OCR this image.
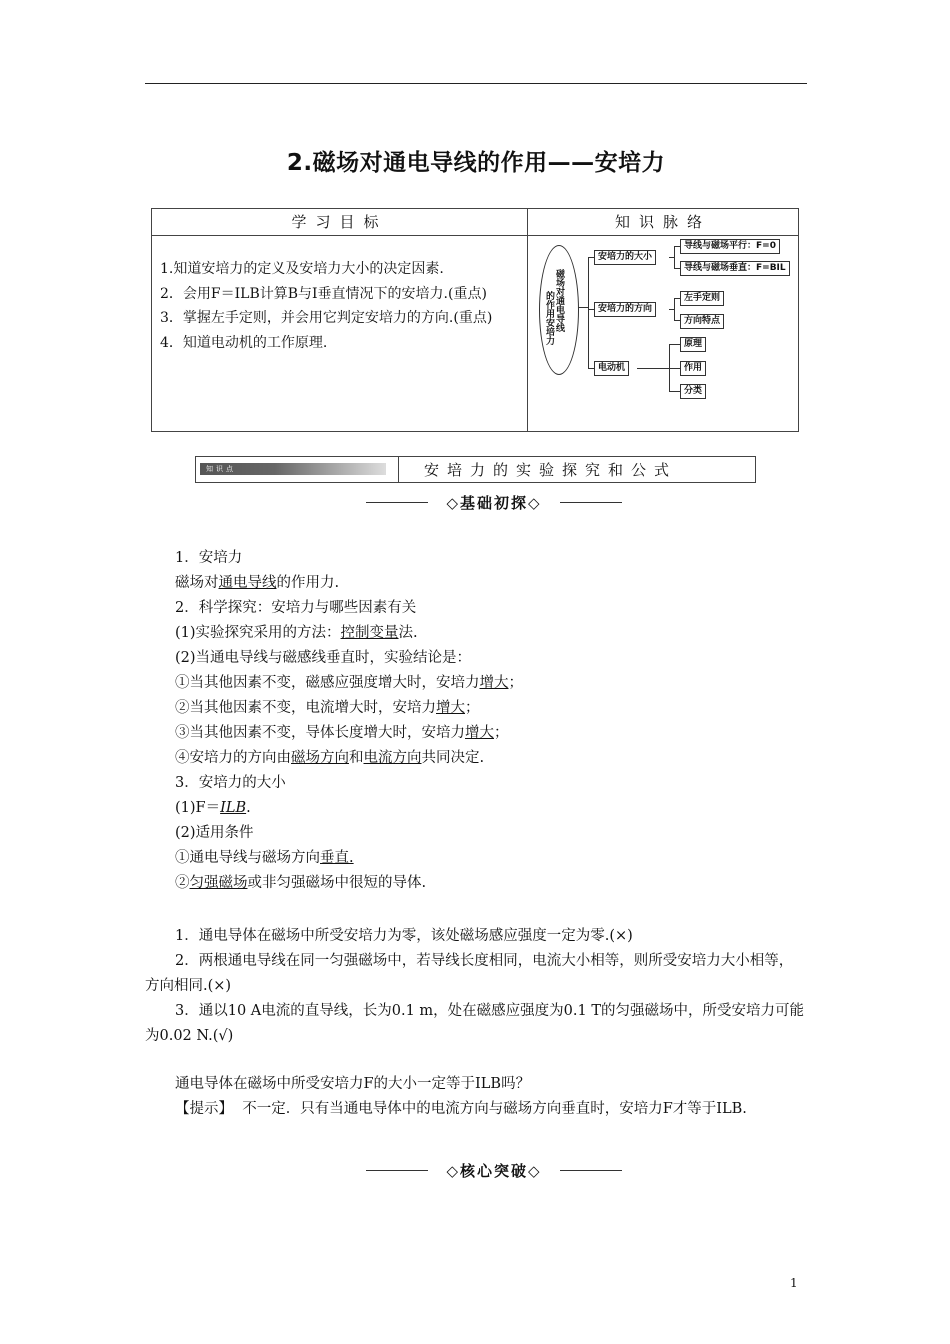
2.磁场对通电导线的作用——安培力
学习目标	知识脉络
1.知道安培力的定义及安培力大小的决定因素.
2．会用F＝ILB计算B与I垂直情况下的安培力.(重点)
3．掌握左手定则，并会用它判定安培力的方向.(重点)
4．知道电动机的工作原理.
磁场对通电导线
的作用安培力
安培力的大小
导线与磁场平行：F=0
导线与磁场垂直：F=BIL
安培力的方向
左手定则
方向特点
电动机
原理
作用
分类
知识点	安培力的实验探究和公式
◇基础初探◇

1．安培力

磁场对通电导线的作用力.

2．科学探究：安培力与哪些因素有关

(1)实验探究采用的方法：控制变量法.

(2)当通电导线与磁感线垂直时，实验结论是：

①当其他因素不变，磁感应强度增大时，安培力增大；

②当其他因素不变，电流增大时，安培力增大；

③当其他因素不变，导体长度增大时，安培力增大；

④安培力的方向由磁场方向和电流方向共同决定.

3．安培力的大小

(1)F＝ILB.

(2)适用条件

①通电导线与磁场方向垂直.

②匀强磁场或非匀强磁场中很短的导体.

1．通电导体在磁场中所受安培力为零，该处磁场感应强度一定为零.(×)

2．两根通电导线在同一匀强磁场中，若导线长度相同，电流大小相等，则所受安培力大小相等，方向相同.(×)

3．通以10 A电流的直导线，长为0.1 m，处在磁感应强度为0.1 T的匀强磁场中，所受安培力可能为0.02 N.(√)

通电导体在磁场中所受安培力F的大小一定等于ILB吗？

【提示】 不一定．只有当通电导体中的电流方向与磁场方向垂直时，安培力F才等于ILB.

◇核心突破◇
1
